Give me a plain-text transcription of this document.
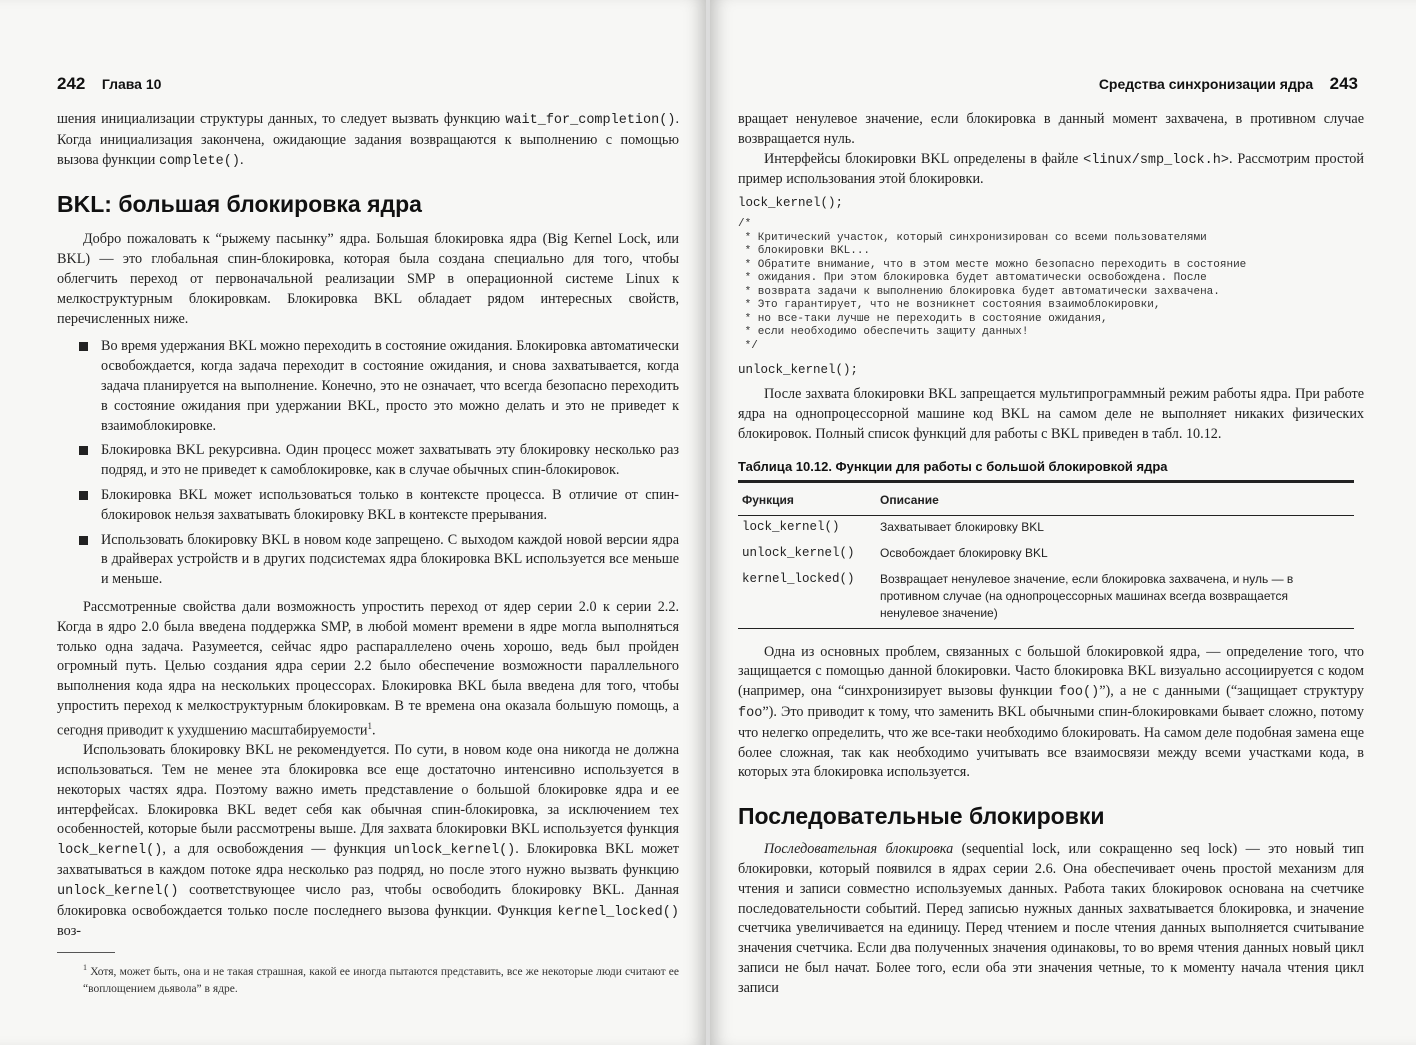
242 Глава 10

шения инициализации структуры данных, то следует вызвать функцию wait_for_completion(). Когда инициализация закончена, ожидающие задания возвращаются к выполнению с помощью вызова функции complete().

BKL: большая блокировка ядра

Добро пожаловать к “рыжему пасынку” ядра. Большая блокировка ядра (Big Kernel Lock, или BKL) — это глобальная спин-блокировка, которая была создана специально для того, чтобы облегчить переход от первоначальной реализации SMP в операционной системе Linux к мелкоструктурным блокировкам. Блокировка BKL обладает рядом интересных свойств, перечисленных ниже.

Во время удержания BKL можно переходить в состояние ожидания. Блокировка автоматически освобождается, когда задача переходит в состояние ожидания, и снова захватывается, когда задача планируется на выполнение. Конечно, это не означает, что всегда безопасно переходить в состояние ожидания при удержании BKL, просто это можно делать и это не приведет к взаимоблокировке.
Блокировка BKL рекурсивна. Один процесс может захватывать эту блокировку несколько раз подряд, и это не приведет к самоблокировке, как в случае обычных спин-блокировок.
Блокировка BKL может использоваться только в контексте процесса. В отличие от спин-блокировок нельзя захватывать блокировку BKL в контексте прерывания.
Использовать блокировку BKL в новом коде запрещено. С выходом каждой новой версии ядра в драйверах устройств и в других подсистемах ядра блокировка BKL используется все меньше и меньше.

Рассмотренные свойства дали возможность упростить переход от ядер серии 2.0 к серии 2.2. Когда в ядро 2.0 была введена поддержка SMP, в любой момент времени в ядре могла выполняться только одна задача. Разумеется, сейчас ядро распараллелено очень хорошо, ведь был пройден огромный путь. Целью создания ядра серии 2.2 было обеспечение возможности параллельного выполнения кода ядра на нескольких процессорах. Блокировка BKL была введена для того, чтобы упростить переход к мелкоструктурным блокировкам. В те времена она оказала большую помощь, а сегодня приводит к ухудшению масштабируемости$^1$.

Использовать блокировку BKL не рекомендуется. По сути, в новом коде она никогда не должна использоваться. Тем не менее эта блокировка все еще достаточно интенсивно используется в некоторых частях ядра. Поэтому важно иметь представление о большой блокировке ядра и ее интерфейсах. Блокировка BKL ведет себя как обычная спин-блокировка, за исключением тех особенностей, которые были рассмотрены выше. Для захвата блокировки BKL используется функция lock_kernel(), а для освобождения — функция unlock_kernel(). Блокировка BKL может захватываться в каждом потоке ядра несколько раз подряд, но после этого нужно вызвать функцию unlock_kernel() соответствующее число раз, чтобы освободить блокировку BKL. Данная блокировка освобождается только после последнего вызова функции. Функция kernel_locked() воз-

$^1$ Хотя, может быть, она и не такая страшная, какой ее иногда пытаются представить, все же некоторые люди считают ее “воплощением дьявола” в ядре.
Средства синхронизации ядра 243

вращает ненулевое значение, если блокировка в данный момент захвачена, в противном случае возвращается нуль.

Интерфейсы блокировки BKL определены в файле <linux/smp_lock.h>. Рассмотрим простой пример использования этой блокировки.

lock_kernel();
/*
* Критический участок, который синхронизирован со всеми пользователями
* блокировки BKL...
* Обратите внимание, что в этом месте можно безопасно переходить в состояние
* ожидания. При этом блокировка будет автоматически освобождена. После
* возврата задачи к выполнению блокировка будет автоматически захвачена.
* Это гарантирует, что не возникнет состояния взаимоблокировки,
* но все-таки лучше не переходить в состояние ожидания,
* если необходимо обеспечить защиту данных!
*/
unlock_kernel();

После захвата блокировки BKL запрещается мультипрограммный режим работы ядра. При работе ядра на однопроцессорной машине код BKL на самом деле не выполняет никаких физических блокировок. Полный список функций для работы с BKL приведен в табл. 10.12.

Таблица 10.12. Функции для работы с большой блокировкой ядра
Функция	Описание
lock_kernel()	Захватывает блокировку BKL
unlock_kernel()	Освобождает блокировку BKL
kernel_locked()	Возвращает ненулевое значение, если блокировка захвачена, и нуль — в противном случае (на однопроцессорных машинах всегда возвращается ненулевое значение)

Одна из основных проблем, связанных с большой блокировкой ядра, — определение того, что защищается с помощью данной блокировки. Часто блокировка BKL визуально ассоциируется с кодом (например, она “синхронизирует вызовы функции foo()”), а не с данными (“защищает структуру foo”). Это приводит к тому, что заменить BKL обычными спин-блокировками бывает сложно, потому что нелегко определить, что же все-таки необходимо блокировать. На самом деле подобная замена еще более сложная, так как необходимо учитывать все взаимосвязи между всеми участками кода, в которых эта блокировка используется.

Последовательные блокировки

Последовательная блокировка (sequential lock, или сокращенно seq lock) — это новый тип блокировки, который появился в ядрах серии 2.6. Она обеспечивает очень простой механизм для чтения и записи совместно используемых данных. Работа таких блокировок основана на счетчике последовательности событий. Перед записью нужных данных захватывается блокировка, и значение счетчика увеличивается на единицу. Перед чтением и после чтения данных выполняется считывание значения счетчика. Если два полученных значения одинаковы, то во время чтения данных новый цикл записи не был начат. Более того, если оба эти значения четные, то к моменту начала чтения цикл записи
